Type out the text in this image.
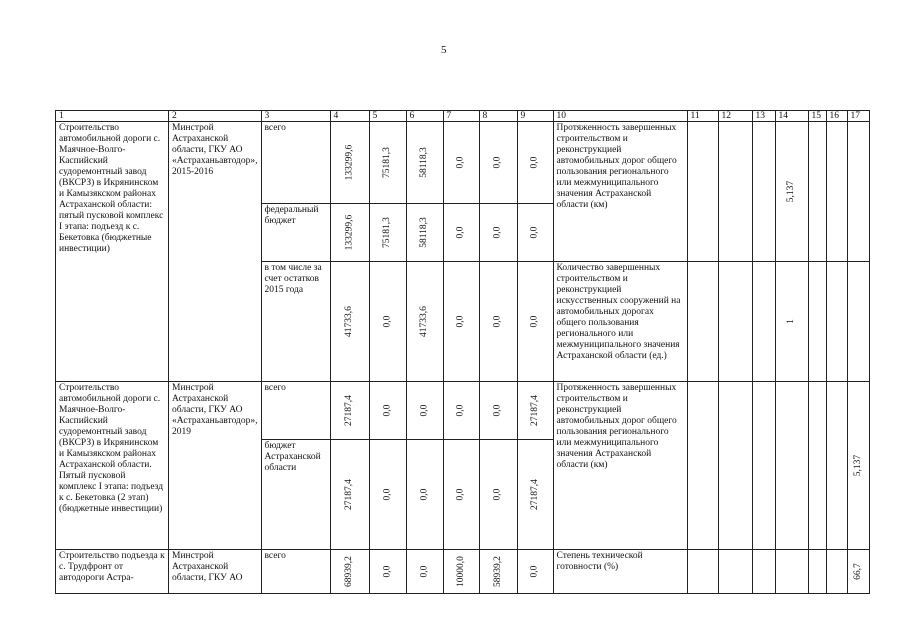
5
1	2	3	4	5	6	7	8	9	10	11	12	13	14	15	16	17
Строительство автомобильной дороги с. Маячное-Волго-Каспийский судоремонтный завод (ВКСРЗ) в Икрянинском и Камызякском районах Астраханской области: пятый пусковой комплекс I этапа: подъезд к с. Бекетовка (бюджетные инвестиции)	Минстрой Астраханской области, ГКУ АО «Астраханьавтодор», 2015-2016	всего	133299,6	75181,3	58118,3	0,0	0,0	0,0	Протяженность завершенных строительством и реконструкцией автомобильных дорог общего пользования регионального или межмуниципального значения Астраханской области (км)				5,137			
		федеральный бюджет	133299,6	75181,3	58118,3	0,0	0,0	0,0								
		в том числе за счет остатков 2015 года	41733,6	0,0	41733,6	0,0	0,0	0,0	Количество завершенных строительством и реконструкцией искусственных сооружений на автомобильных дорогах общего пользования регионального или межмуниципального значения Астраханской области (ед.)				1			
Строительство автомобильной дороги с. Маячное-Волго-Каспийский судоремонтный завод (ВКСРЗ) в Икрянинском и Камызякском районах Астраханской области. Пятый пусковой комплекс I этапа: подъезд к с. Бекетовка (2 этап) (бюджетные инвестиции)	Минстрой Астраханской области, ГКУ АО «Астраханьавтодор», 2019	всего	27187,4	0,0	0,0	0,0	0,0	27187,4	Протяженность завершенных строительством и реконструкцией автомобильных дорог общего пользования регионального или межмуниципального значения Астраханской области (км)							5,137
		бюджет Астраханской области	27187,4	0,0	0,0	0,0	0,0	27187,4								
Строительство подъезда к с. Трудфронт от автодороги Астра-	Минстрой Астраханской области, ГКУ АО	всего	68939,2	0,0	0,0	10000,0	58939,2	0,0	Степень технической готовности (%)							66,7
